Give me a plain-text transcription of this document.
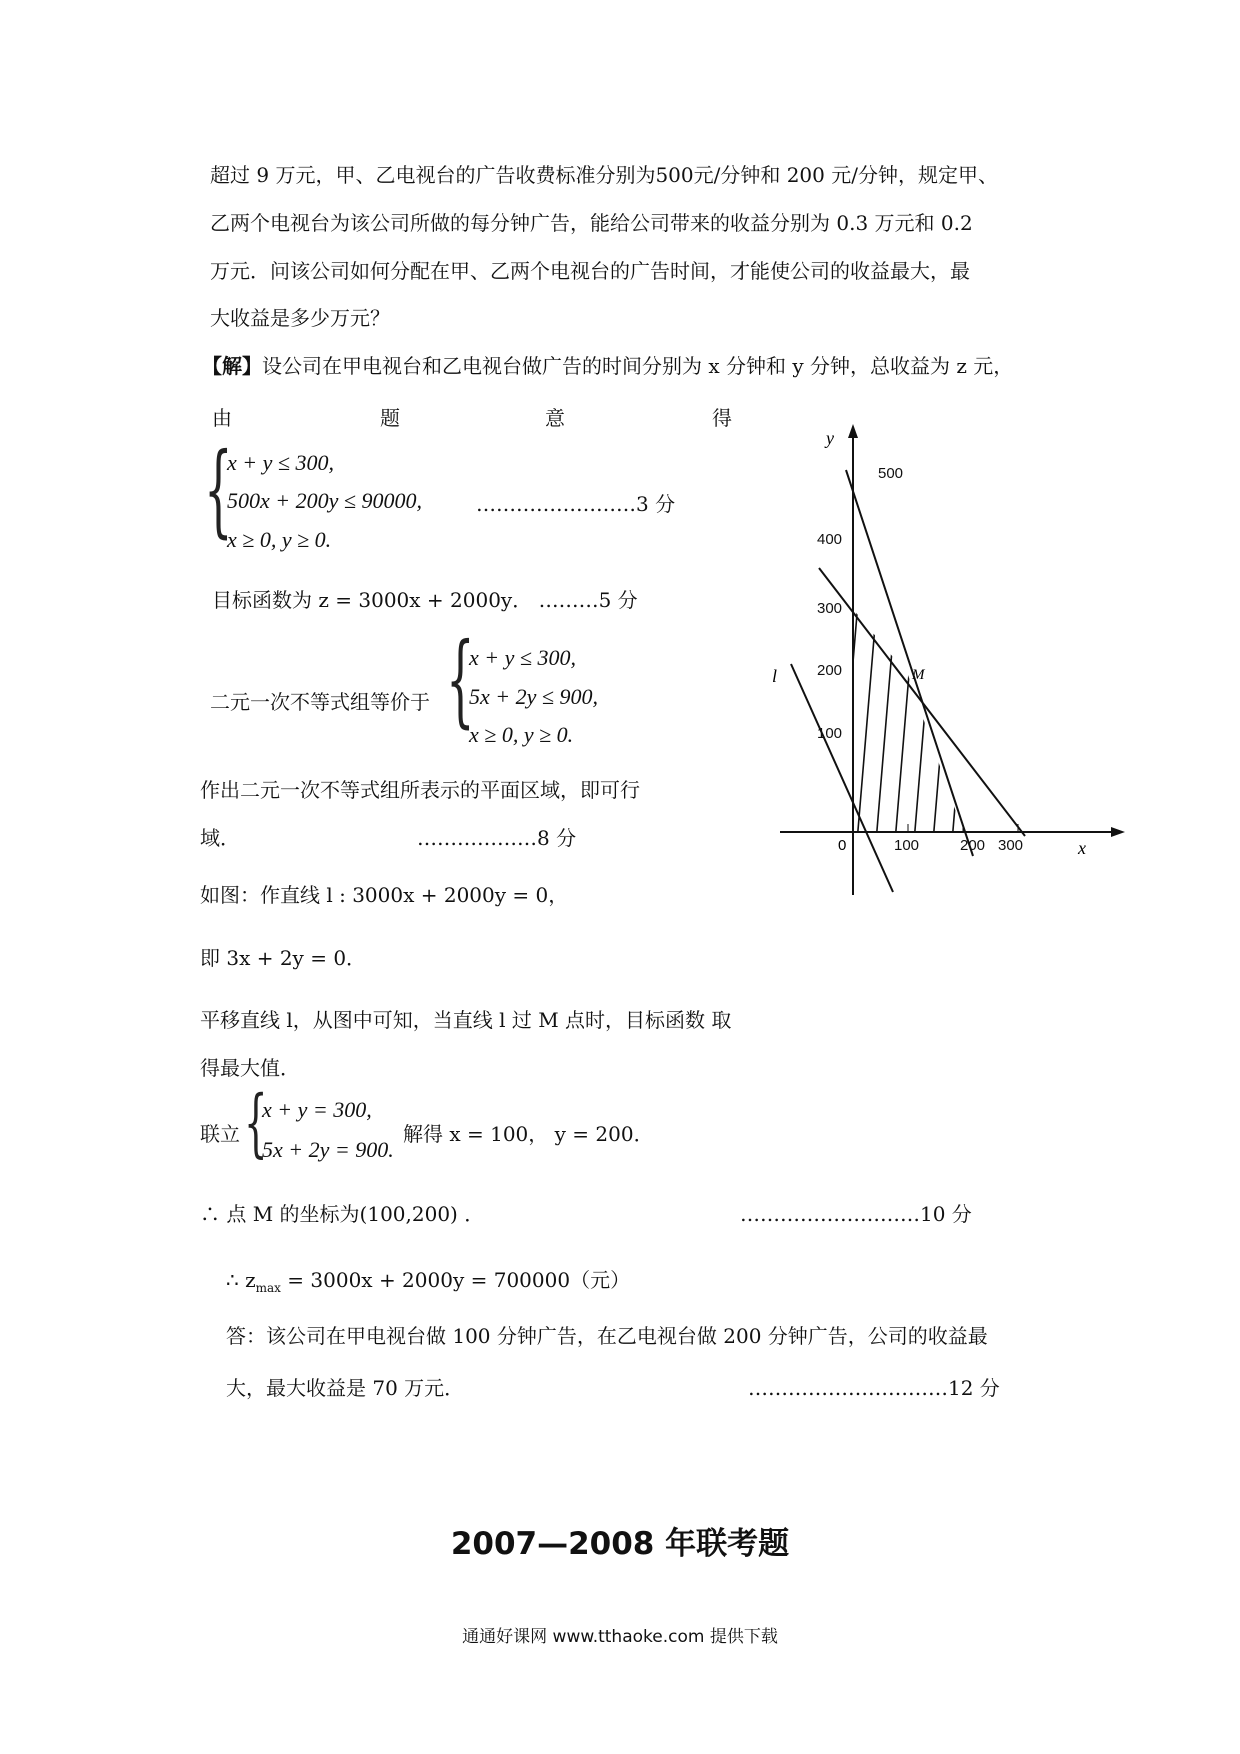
超过 9 万元，甲、乙电视台的广告收费标准分别为500元/分钟和 200 元/分钟，规定甲、
乙两个电视台为该公司所做的每分钟广告，能给公司带来的收益分别为 0.3 万元和 0.2
万元．问该公司如何分配在甲、乙两个电视台的广告时间，才能使公司的收益最大，最
大收益是多少万元？
【解】设公司在甲电视台和乙电视台做广告的时间分别为 x 分钟和 y 分钟，总收益为 z 元，
由	题	意	得
{
x + y ≤ 300,
500x + 200y ≤ 90000,
x ≥ 0, y ≥ 0.
……………………3 分
目标函数为 z = 3000x + 2000y． ………5 分
二元一次不等式组等价于 {
x + y ≤ 300,
5x + 2y ≤ 900,
x ≥ 0, y ≥ 0.
作出二元一次不等式组所表示的平面区域，即可行
域．	………………8 分
如图：作直线 l : 3000x + 2000y = 0，
即 3x + 2y = 0．
平移直线 l，从图中可知，当直线 l 过 M 点时，目标函数 取
得最大值．
联立 {
x + y = 300,
5x + 2y = 900.
解得 x = 100， y = 200．
∴ 点 M 的坐标为(100,200) ．	………………………10 分
∴ $z_{max} = 3000x + 2000y = 700000$（元）
答：该公司在甲电视台做 100 分钟广告，在乙电视台做 200 分钟广告，公司的收益最
大，最大收益是 70 万元．	…………………………12 分
y
x
l	M
0
500
400
300
200
100
100	200 300
2007—2008 年联考题
通通好课网 www.tthaoke.com 提供下载
